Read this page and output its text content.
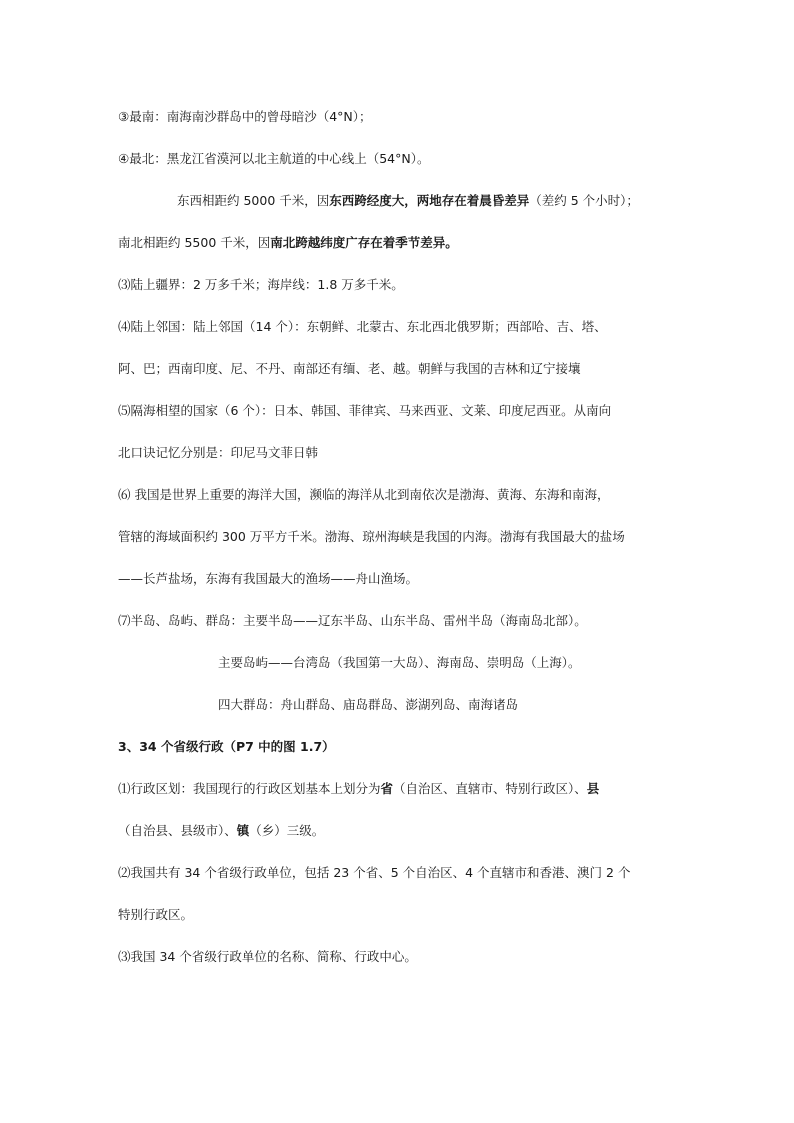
③最南：南海南沙群岛中的曾母暗沙（4°N）；
④最北：黑龙江省漠河以北主航道的中心线上（54°N）。
东西相距约 5000 千米，因东西跨经度大，两地存在着晨昏差异（差约 5 个小时）；
南北相距约 5500 千米，因南北跨越纬度广存在着季节差异。
⑶陆上疆界：2 万多千米；海岸线：1.8 万多千米。
⑷陆上邻国：陆上邻国（14 个）：东朝鲜、北蒙古、东北西北俄罗斯；西部哈、吉、塔、
阿、巴；西南印度、尼、不丹、南部还有缅、老、越。朝鲜与我国的吉林和辽宁接壤
⑸隔海相望的国家（6 个）：日本、韩国、菲律宾、马来西亚、文莱、印度尼西亚。从南向
北口诀记忆分别是：印尼马文菲日韩
⑹ 我国是世界上重要的海洋大国，濒临的海洋从北到南依次是渤海、黄海、东海和南海，
管辖的海域面积约 300 万平方千米。渤海、琼州海峡是我国的内海。渤海有我国最大的盐场
——长芦盐场，东海有我国最大的渔场——舟山渔场。
⑺半岛、岛屿、群岛：主要半岛——辽东半岛、山东半岛、雷州半岛（海南岛北部）。
主要岛屿——台湾岛（我国第一大岛）、海南岛、崇明岛（上海）。
四大群岛：舟山群岛、庙岛群岛、澎湖列岛、南海诸岛
3、34 个省级行政（P7 中的图 1.7）
⑴行政区划：我国现行的行政区划基本上划分为省（自治区、直辖市、特别行政区）、县
（自治县、县级市）、镇（乡）三级。
⑵我国共有 34 个省级行政单位，包括 23 个省、5 个自治区、4 个直辖市和香港、澳门 2 个
特别行政区。
⑶我国 34 个省级行政单位的名称、简称、行政中心。
